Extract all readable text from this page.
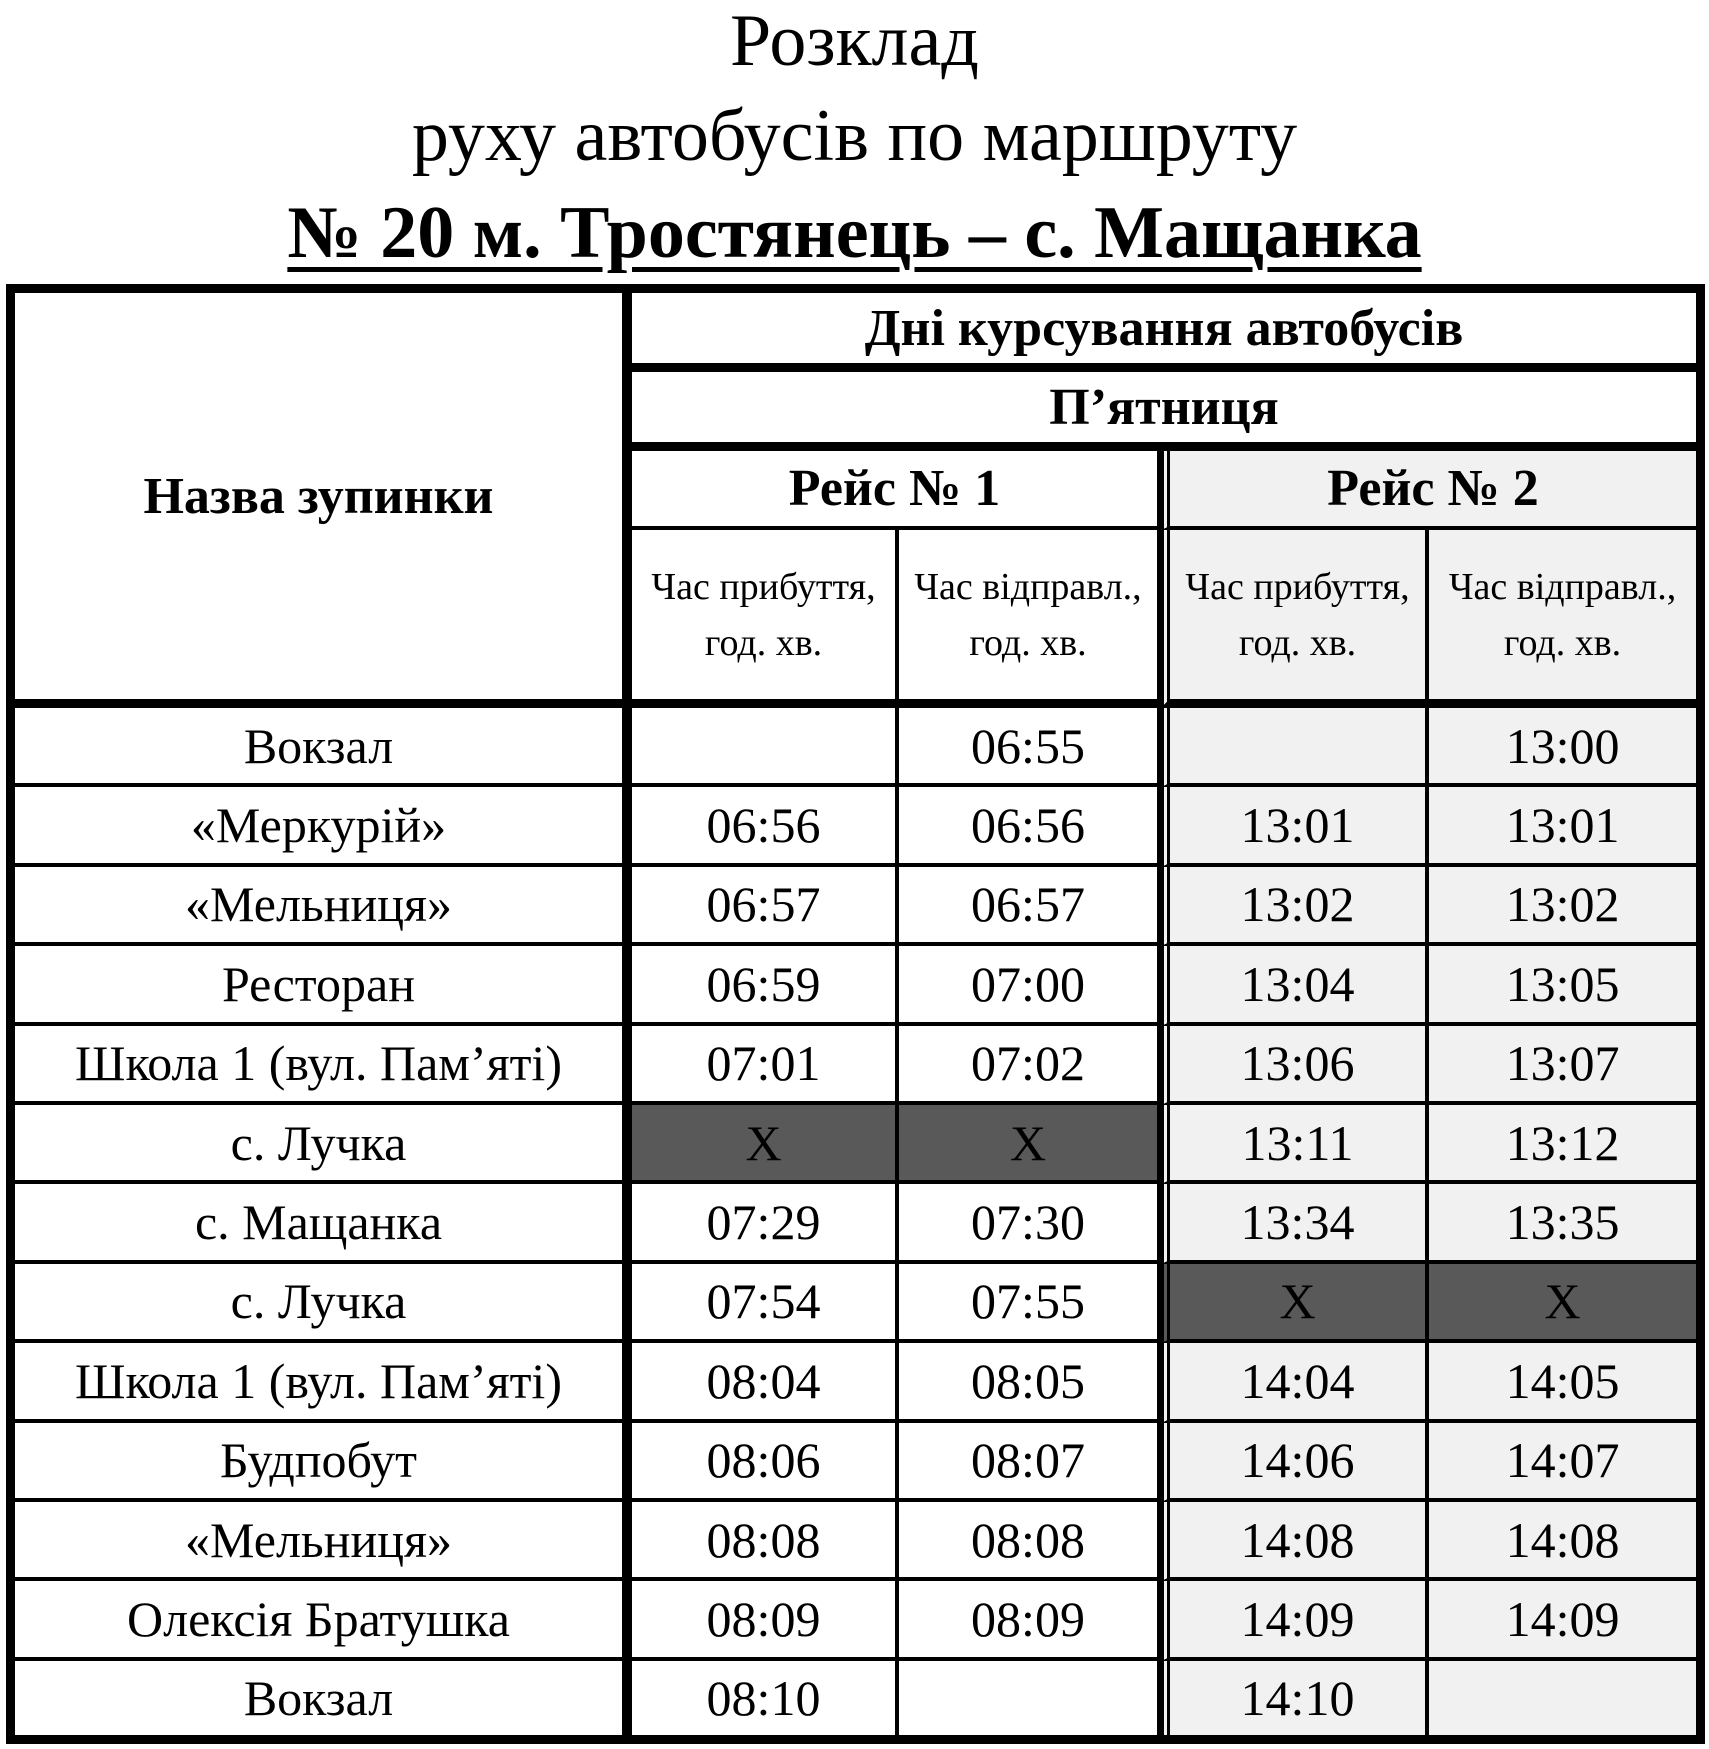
Розклад
руху автобусів по маршруту
№ 20 м. Тростянець – с. Мащанка
Назва зупинки	Дні курсування автобусів			
	П’ятниця			
	Рейс № 1		Рейс № 2	
	Час прибуття, год. хв.	Час відправл., год. хв.	Час прибуття, год. хв.	Час відправл., год. хв.
Вокзал		06:55		13:00
«Меркурій»	06:56	06:56	13:01	13:01
«Мельниця»	06:57	06:57	13:02	13:02
Ресторан	06:59	07:00	13:04	13:05
Школа 1 (вул. Пам’яті)	07:01	07:02	13:06	13:07
с. Лучка	X	X	13:11	13:12
с. Мащанка	07:29	07:30	13:34	13:35
с. Лучка	07:54	07:55	X	X
Школа 1 (вул. Пам’яті)	08:04	08:05	14:04	14:05
Будпобут	08:06	08:07	14:06	14:07
«Мельниця»	08:08	08:08	14:08	14:08
Олексія Братушка	08:09	08:09	14:09	14:09
Вокзал	08:10		14:10	
